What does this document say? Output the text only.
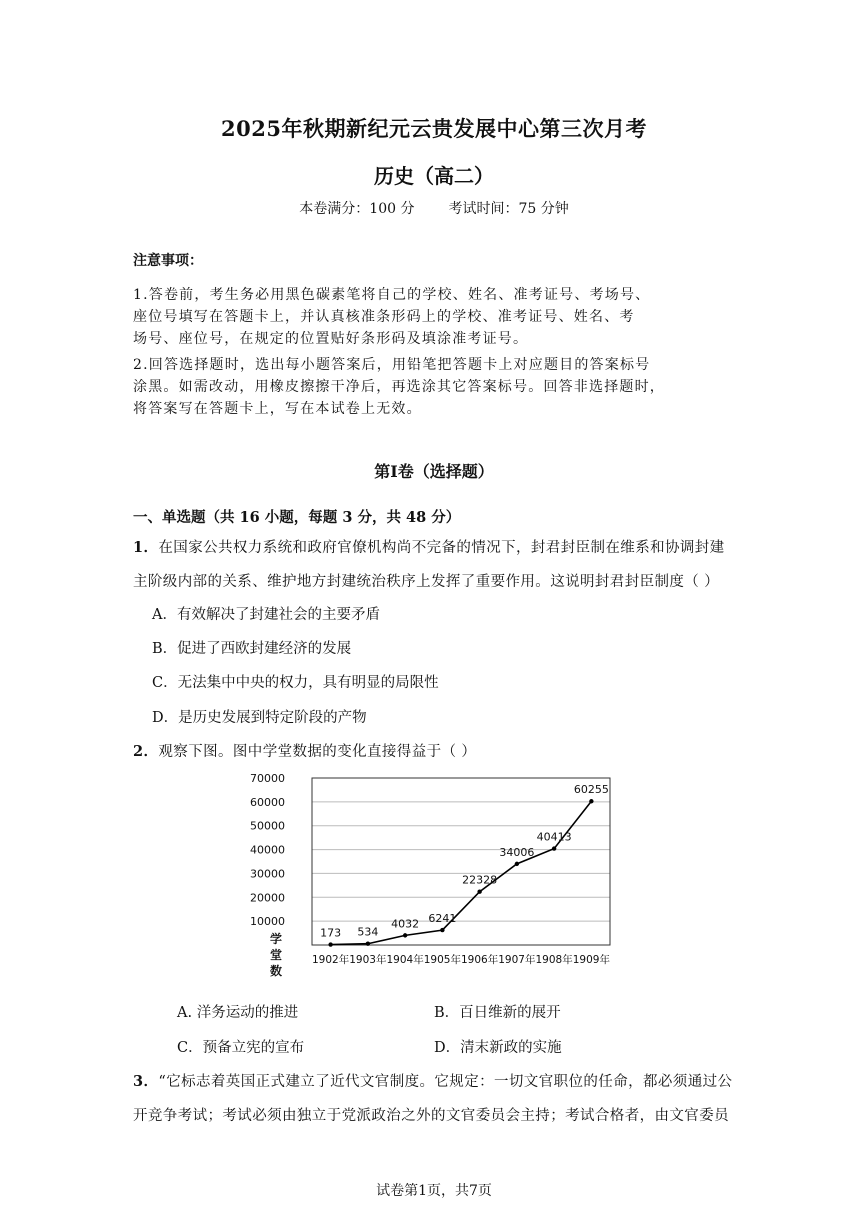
2025年秋期新纪元云贵发展中心第三次月考
历史（高二）
本卷满分：100 分 考试时间：75 分钟
注意事项：
1.答卷前，考生务必用黑色碳素笔将自己的学校、姓名、准考证号、考场号、
座位号填写在答题卡上，并认真核准条形码上的学校、准考证号、姓名、考
场号、座位号，在规定的位置贴好条形码及填涂准考证号。
2.回答选择题时，选出每小题答案后，用铅笔把答题卡上对应题目的答案标号
涂黑。如需改动，用橡皮擦擦干净后，再选涂其它答案标号。回答非选择题时，
将答案写在答题卡上，写在本试卷上无效。
第Ⅰ卷（选择题）
一、单选题（共 16 小题，每题 3 分，共 48 分）
1．在国家公共权力系统和政府官僚机构尚不完备的情况下，封君封臣制在维系和协调封建
主阶级内部的关系、维护地方封建统治秩序上发挥了重要作用。这说明封君封臣制度（ ）
A．有效解决了封建社会的主要矛盾
B．促进了西欧封建经济的发展
C．无法集中中央的权力，具有明显的局限性
D．是历史发展到特定阶段的产物
2．观察下图。图中学堂数据的变化直接得益于（ ）
10000
20000
30000
40000
50000
60000
70000
1902年 1903年 1904年 1905年 1906年 1907年 1908年 1909年
173 534
4032 6241
22328
34006
40413
60255
学
堂
数
A. 洋务运动的推进	B．百日维新的展开
C．预备立宪的宣布	D．清末新政的实施
3．“它标志着英国正式建立了近代文官制度。它规定：一切文官职位的任命，都必须通过公
开竞争考试；考试必须由独立于党派政治之外的文官委员会主持；考试合格者，由文官委员
试卷第1页，共7页
